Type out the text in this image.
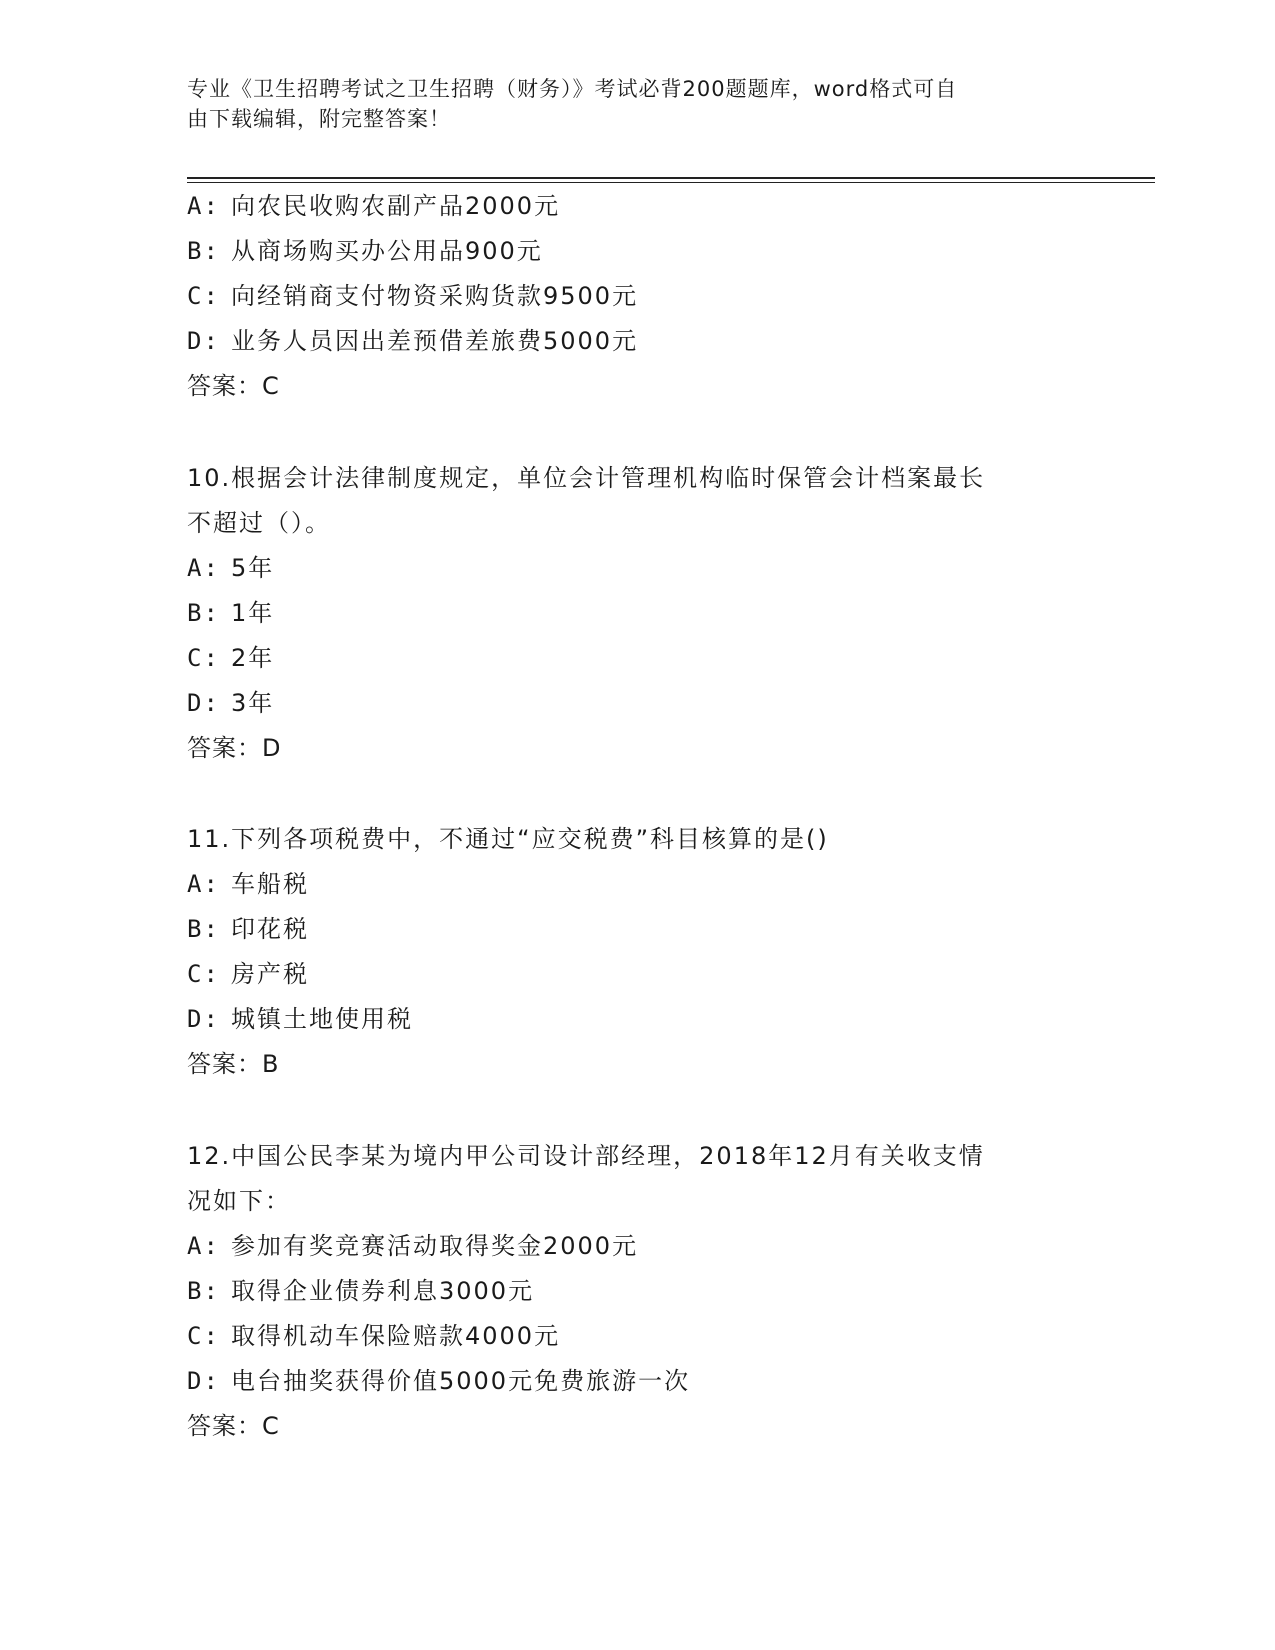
专业《卫生招聘考试之卫生招聘（财务）》考试必背200题题库，word格式可自
由下载编辑，附完整答案！
A: 向农民收购农副产品2000元
B: 从商场购买办公用品900元
C: 向经销商支付物资采购货款9500元
D: 业务人员因出差预借差旅费5000元
答案：C
10.根据会计法律制度规定，单位会计管理机构临时保管会计档案最长
不超过（）。
A: 5年
B: 1年
C: 2年
D: 3年
答案：D
11.下列各项税费中，不通过“应交税费”科目核算的是()
A: 车船税
B: 印花税
C: 房产税
D: 城镇土地使用税
答案：B
12.中国公民李某为境内甲公司设计部经理，2018年12月有关收支情
况如下：
A: 参加有奖竞赛活动取得奖金2000元
B: 取得企业债券利息3000元
C: 取得机动车保险赔款4000元
D: 电台抽奖获得价值5000元免费旅游一次
答案：C
